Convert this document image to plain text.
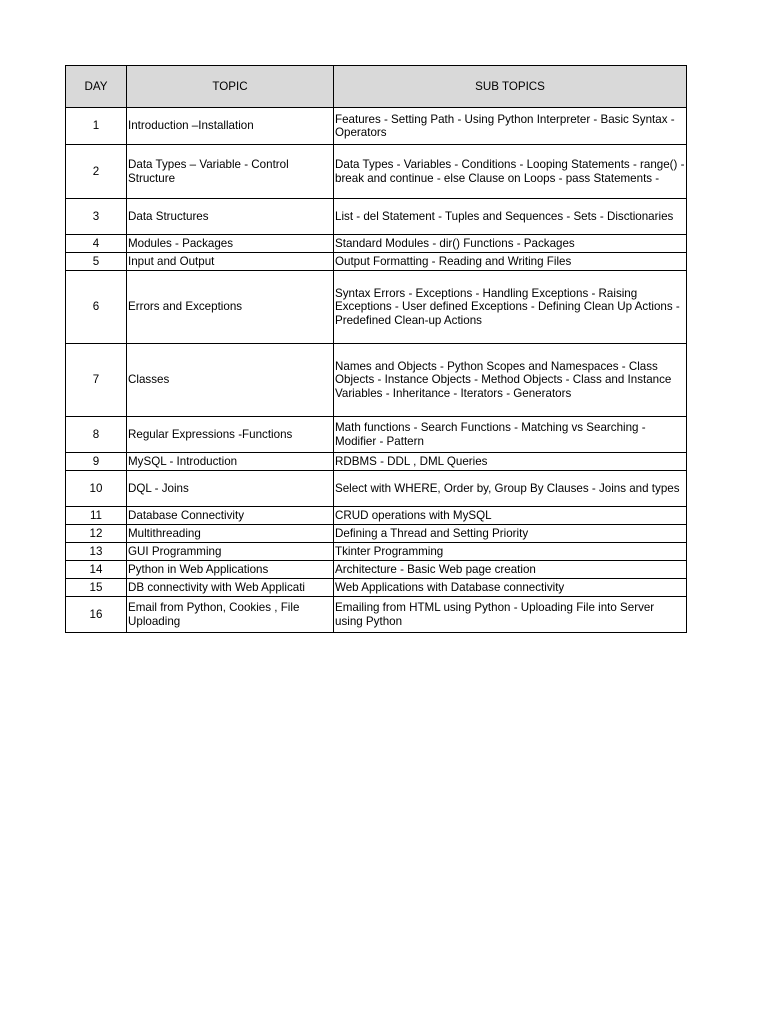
DAY	TOPIC	SUB TOPICS
1	Introduction –Installation	Features - Setting Path - Using Python Interpreter - Basic Syntax - Operators
2	Data Types – Variable - Control Structure	Data Types - Variables - Conditions - Looping Statements - range() - break and continue - else Clause on Loops - pass Statements -
3	Data Structures	List - del Statement - Tuples and Sequences - Sets - Disctionaries
4	Modules - Packages	Standard Modules - dir() Functions - Packages
5	Input and Output	Output Formatting - Reading and Writing Files
6	Errors and Exceptions	Syntax Errors - Exceptions - Handling Exceptions - Raising Exceptions - User defined Exceptions - Defining Clean Up Actions - Predefined Clean-up Actions
7	Classes	Names and Objects - Python Scopes and Namespaces - Class Objects - Instance Objects - Method Objects - Class and Instance Variables - Inheritance - Iterators - Generators
8	Regular Expressions -Functions	Math functions - Search Functions - Matching vs Searching - Modifier - Pattern
9	MySQL - Introduction	RDBMS - DDL , DML Queries
10	DQL - Joins	Select with WHERE, Order by, Group By Clauses - Joins and types
11	Database Connectivity	CRUD operations with MySQL
12	Multithreading	Defining a Thread and Setting Priority
13	GUI Programming	Tkinter Programming
14	Python in Web Applications	Architecture - Basic Web page creation
15	DB connectivity with Web Applicati	Web Applications with Database connectivity
16	Email from Python, Cookies , File Uploading	Emailing from HTML using Python - Uploading File into Server using Python
